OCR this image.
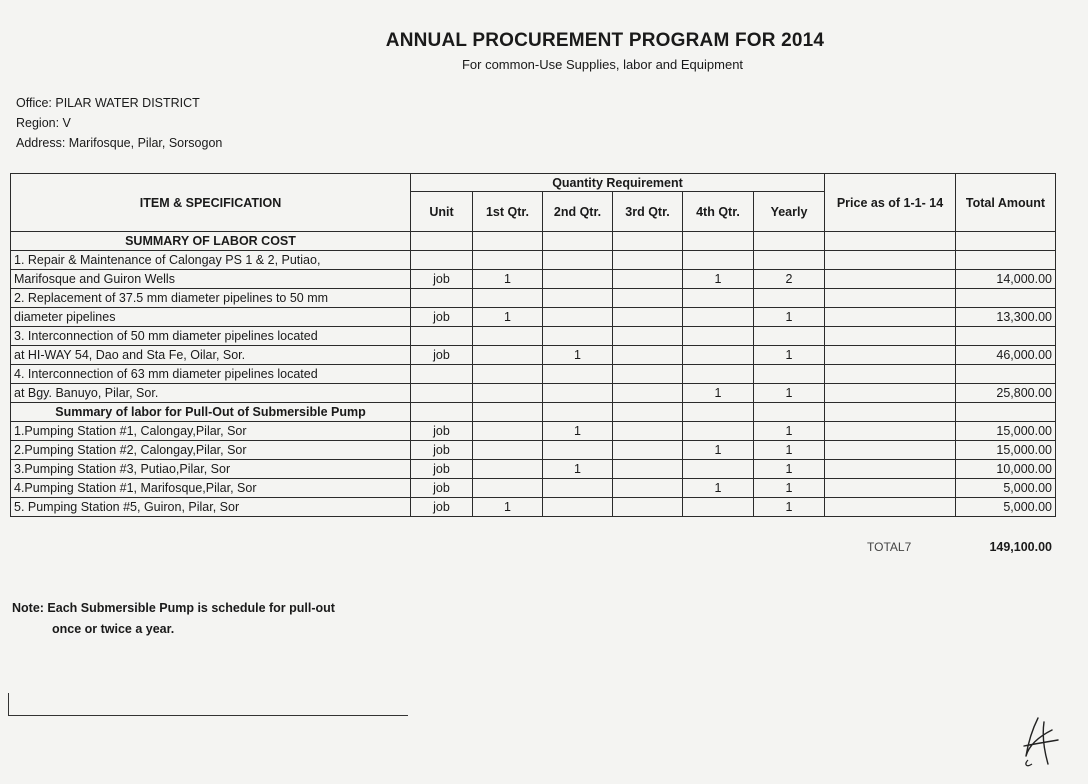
ANNUAL PROCUREMENT PROGRAM FOR 2014
For common-Use Supplies, labor and Equipment
Office: PILAR WATER DISTRICT
Region: V
Address: Marifosque, Pilar, Sorsogon
ITEM & SPECIFICATION	Quantity Requirement						Price as of 1-1- 14	Total Amount
	Unit	1st Qtr.	2nd Qtr.	3rd Qtr.	4th Qtr.	Yearly		
SUMMARY OF LABOR COST								
1. Repair & Maintenance of Calongay PS 1 & 2, Putiao,								
Marifosque and Guiron Wells	job	1			1	2		14,000.00
2. Replacement of 37.5 mm diameter pipelines to 50 mm								
diameter pipelines	job	1				1		13,300.00
3. Interconnection of 50 mm diameter pipelines located								
at HI-WAY 54, Dao and Sta Fe, Oilar, Sor.	job		1			1		46,000.00
4. Interconnection of 63 mm diameter pipelines located								
at Bgy. Banuyo, Pilar, Sor.					1	1		25,800.00
Summary of labor for Pull-Out of Submersible Pump								
1.Pumping Station #1, Calongay,Pilar, Sor	job		1			1		15,000.00
2.Pumping Station #2, Calongay,Pilar, Sor	job				1	1		15,000.00
3.Pumping Station #3, Putiao,Pilar, Sor	job		1			1		10,000.00
4.Pumping Station #1, Marifosque,Pilar, Sor	job				1	1		5,000.00
5. Pumping Station #5, Guiron, Pilar, Sor	job	1				1		5,000.00
TOTAL7	149,100.00
Note: Each Submersible Pump is schedule for pull-out
once or twice a year.
